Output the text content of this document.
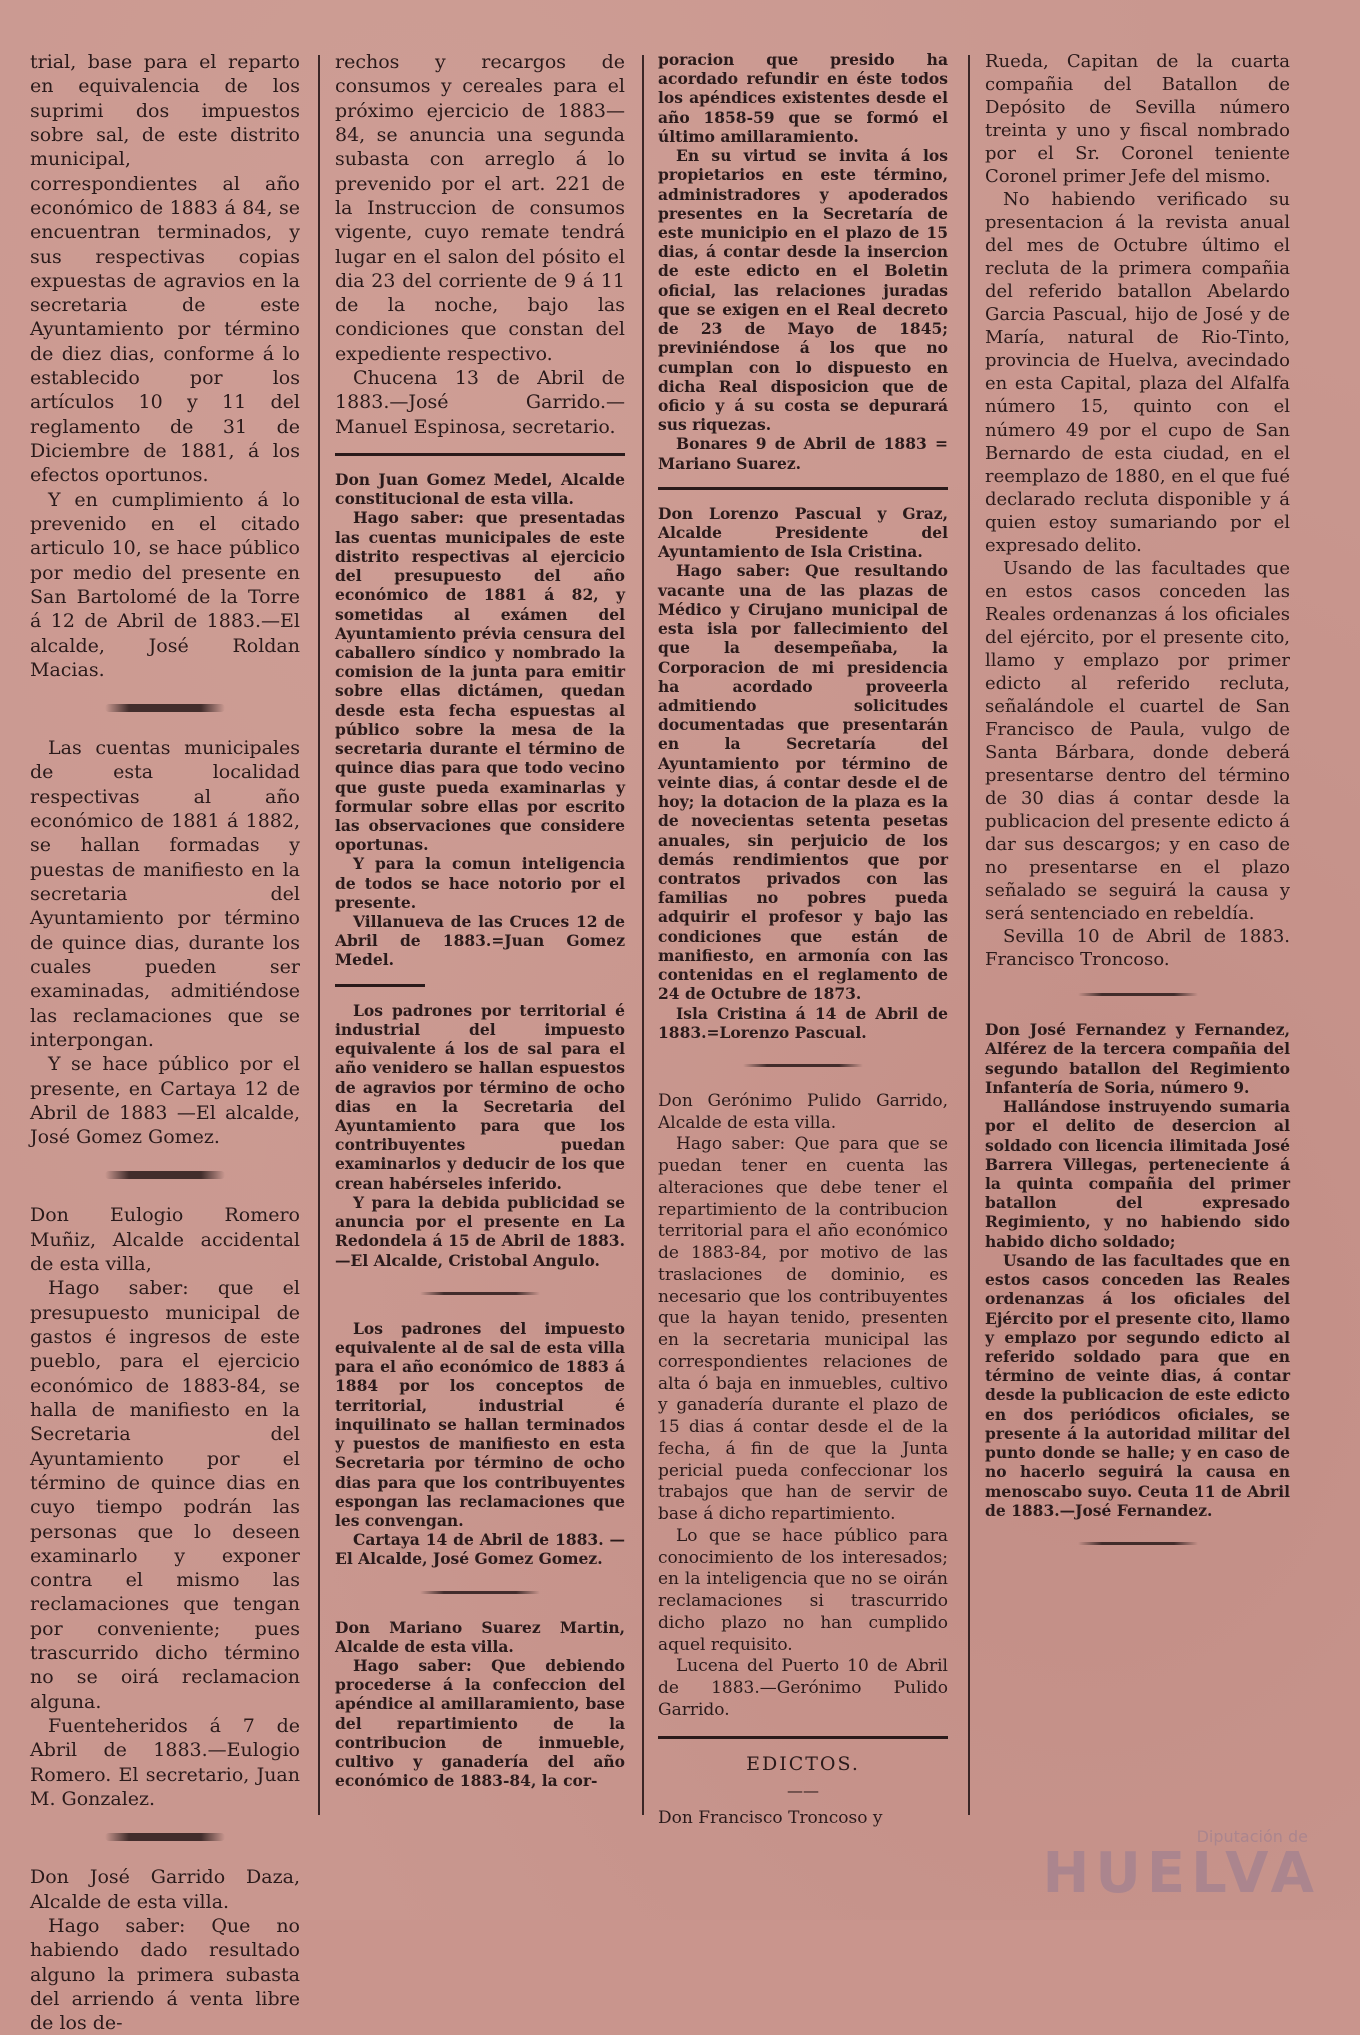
trial, base para el reparto en equivalencia de los suprimi dos impuestos sobre sal, de este distrito municipal, correspondientes al año económico de 1883 á 84, se encuentran terminados, y sus respectivas copias expuestas de agravios en la secretaria de este Ayuntamiento por término de diez dias, conforme á lo establecido por los artículos 10 y 11 del reglamento de 31 de Diciembre de 1881, á los efectos oportunos.

Y en cumplimiento á lo prevenido en el citado articulo 10, se hace público por medio del presente en San Bartolomé de la Torre á 12 de Abril de 1883.—El alcalde, José Roldan Macias.

Las cuentas municipales de esta localidad respectivas al año económico de 1881 á 1882, se hallan formadas y puestas de manifiesto en la secretaria del Ayuntamiento por término de quince dias, durante los cuales pueden ser examinadas, admitiéndose las reclamaciones que se interpongan.

Y se hace público por el presente, en Cartaya 12 de Abril de 1883 —El alcalde, José Gomez Gomez.

Don Eulogio Romero Muñiz, Alcalde accidental de esta villa,

Hago saber: que el presupuesto municipal de gastos é ingresos de este pueblo, para el ejercicio económico de 1883-84, se halla de manifiesto en la Secretaria del Ayuntamiento por el término de quince dias en cuyo tiempo podrán las personas que lo deseen examinarlo y exponer contra el mismo las reclamaciones que tengan por conveniente; pues trascurrido dicho término no se oirá reclamacion alguna.

Fuenteheridos á 7 de Abril de 1883.—Eulogio Romero. El secretario, Juan M. Gonzalez.

Don José Garrido Daza, Alcalde de esta villa.

Hago saber: Que no habiendo dado resultado alguno la primera subasta del arriendo á venta libre de los de-

rechos y recargos de consumos y cereales para el próximo ejercicio de 1883—84, se anuncia una segunda subasta con arreglo á lo prevenido por el art. 221 de la Instruccion de consumos vigente, cuyo remate tendrá lugar en el salon del pósito el dia 23 del corriente de 9 á 11 de la noche, bajo las condiciones que constan del expediente respectivo.

Chucena 13 de Abril de 1883.—José Garrido.—Manuel Espinosa, secretario.

Don Juan Gomez Medel, Alcalde constitucional de esta villa.

Hago saber: que presentadas las cuentas municipales de este distrito respectivas al ejercicio del presupuesto del año económico de 1881 á 82, y sometidas al exámen del Ayuntamiento prévia censura del caballero síndico y nombrado la comision de la junta para emitir sobre ellas dictámen, quedan desde esta fecha espuestas al público sobre la mesa de la secretaria durante el término de quince dias para que todo vecino que guste pueda examinarlas y formular sobre ellas por escrito las observaciones que considere oportunas.

Y para la comun inteligencia de todos se hace notorio por el presente.

Villanueva de las Cruces 12 de Abril de 1883.=Juan Gomez Medel.

Los padrones por territorial é industrial del impuesto equivalente á los de sal para el año venidero se hallan espuestos de agravios por término de ocho dias en la Secretaria del Ayuntamiento para que los contribuyentes puedan examinarlos y deducir de los que crean habérseles inferido.

Y para la debida publicidad se anuncia por el presente en La Redondela á 15 de Abril de 1883.—El Alcalde, Cristobal Angulo.

Los padrones del impuesto equivalente al de sal de esta villa para el año económico de 1883 á 1884 por los conceptos de territorial, industrial é inquilinato se hallan terminados y puestos de manifiesto en esta Secretaria por término de ocho dias para que los contribuyentes espongan las reclamaciones que les convengan.

Cartaya 14 de Abril de 1883. —El Alcalde, José Gomez Gomez.

Don Mariano Suarez Martin, Alcalde de esta villa.

Hago saber: Que debiendo procederse á la confeccion del apéndice al amillaramiento, base del repartimiento de la contribucion de inmueble, cultivo y ganadería del año económico de 1883-84, la cor-

poracion que presido ha acordado refundir en éste todos los apéndices existentes desde el año 1858-59 que se formó el último amillaramiento.

En su virtud se invita á los propietarios en este término, administradores y apoderados presentes en la Secretaría de este municipio en el plazo de 15 dias, á contar desde la insercion de este edicto en el Boletin oficial, las relaciones juradas que se exigen en el Real decreto de 23 de Mayo de 1845; previniéndose á los que no cumplan con lo dispuesto en dicha Real disposicion que de oficio y á su costa se depurará sus riquezas.

Bonares 9 de Abril de 1883 = Mariano Suarez.

Don Lorenzo Pascual y Graz, Alcalde Presidente del Ayuntamiento de Isla Cristina.

Hago saber: Que resultando vacante una de las plazas de Médico y Cirujano municipal de esta isla por fallecimiento del que la desempeñaba, la Corporacion de mi presidencia ha acordado proveerla admitiendo solicitudes documentadas que presentarán en la Secretaría del Ayuntamiento por término de veinte dias, á contar desde el de hoy; la dotacion de la plaza es la de novecientas setenta pesetas anuales, sin perjuicio de los demás rendimientos que por contratos privados con las familias no pobres pueda adquirir el profesor y bajo las condiciones que están de manifiesto, en armonía con las contenidas en el reglamento de 24 de Octubre de 1873.

Isla Cristina á 14 de Abril de 1883.=Lorenzo Pascual.

Don Gerónimo Pulido Garrido, Alcalde de esta villa.

Hago saber: Que para que se puedan tener en cuenta las alteraciones que debe tener el repartimiento de la contribucion territorial para el año económico de 1883-84, por motivo de las traslaciones de dominio, es necesario que los contribuyentes que la hayan tenido, presenten en la secretaria municipal las correspondientes relaciones de alta ó baja en inmuebles, cultivo y ganadería durante el plazo de 15 dias á contar desde el de la fecha, á fin de que la Junta pericial pueda confeccionar los trabajos que han de servir de base á dicho repartimiento.

Lo que se hace público para conocimiento de los interesados; en la inteligencia que no se oirán reclamaciones si trascurrido dicho plazo no han cumplido aquel requisito.

Lucena del Puerto 10 de Abril de 1883.—Gerónimo Pulido Garrido.

EDICTOS.
——

Don Francisco Troncoso y

Rueda, Capitan de la cuarta compañia del Batallon de Depósito de Sevilla número treinta y uno y fiscal nombrado por el Sr. Coronel teniente Coronel primer Jefe del mismo.

No habiendo verificado su presentacion á la revista anual del mes de Octubre último el recluta de la primera compañia del referido batallon Abelardo Garcia Pascual, hijo de José y de María, natural de Rio-Tinto, provincia de Huelva, avecindado en esta Capital, plaza del Alfalfa número 15, quinto con el número 49 por el cupo de San Bernardo de esta ciudad, en el reemplazo de 1880, en el que fué declarado recluta disponible y á quien estoy sumariando por el expresado delito.

Usando de las facultades que en estos casos conceden las Reales ordenanzas á los oficiales del ejército, por el presente cito, llamo y emplazo por primer edicto al referido recluta, señalándole el cuartel de San Francisco de Paula, vulgo de Santa Bárbara, donde deberá presentarse dentro del término de 30 dias á contar desde la publicacion del presente edicto á dar sus descargos; y en caso de no presentarse en el plazo señalado se seguirá la causa y será sentenciado en rebeldía.

Sevilla 10 de Abril de 1883. Francisco Troncoso.

Don José Fernandez y Fernandez, Alférez de la tercera compañia del segundo batallon del Regimiento Infantería de Soria, número 9.

Hallándose instruyendo sumaria por el delito de desercion al soldado con licencia ilimitada José Barrera Villegas, perteneciente á la quinta compañia del primer batallon del expresado Regimiento, y no habiendo sido habido dicho soldado;

Usando de las facultades que en estos casos conceden las Reales ordenanzas á los oficiales del Ejército por el presente cito, llamo y emplazo por segundo edicto al referido soldado para que en término de veinte dias, á contar desde la publicacion de este edicto en dos periódicos oficiales, se presente á la autoridad militar del punto donde se halle; y en caso de no hacerlo seguirá la causa en menoscabo suyo. Ceuta 11 de Abril de 1883.—José Fernandez.

Diputación de
HUELVA
